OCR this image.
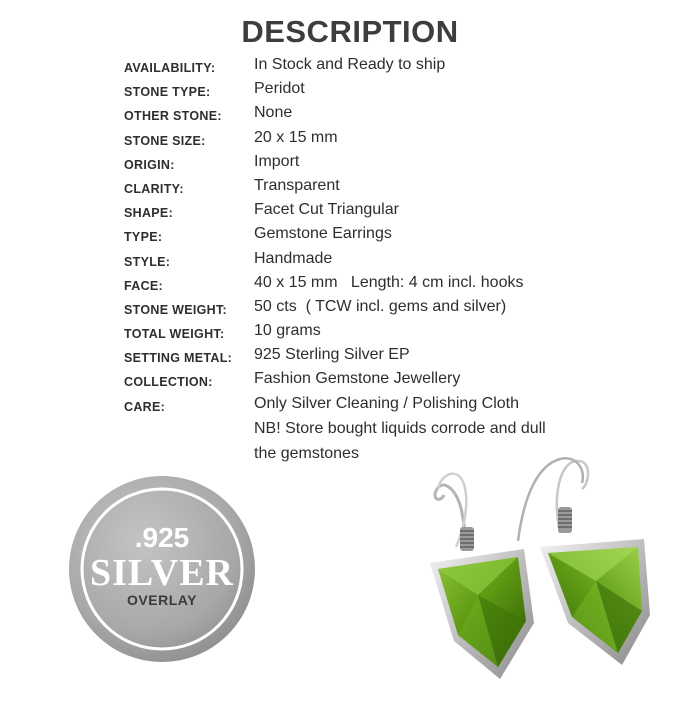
DESCRIPTION
AVAILABILITY: In Stock and Ready to ship
STONE TYPE:	Peridot
OTHER STONE: None
STONE SIZE:	20 x 15 mm
ORIGIN:	Import
CLARITY:	Transparent
SHAPE:	Facet Cut Triangular
TYPE:	Gemstone Earrings
STYLE:	Handmade
FACE:	40 x 15 mm   Length: 4 cm incl. hooks
STONE WEIGHT: 50 cts  ( TCW incl. gems and silver)
TOTAL WEIGHT: 10 grams
SETTING METAL: 925 Sterling Silver EP
COLLECTION:	Fashion Gemstone Jewellery
CARE:	Only Silver Cleaning / Polishing Cloth
NB! Store bought liquids corrode and dull
the gemstones
.925
SILVER
OVERLAY
